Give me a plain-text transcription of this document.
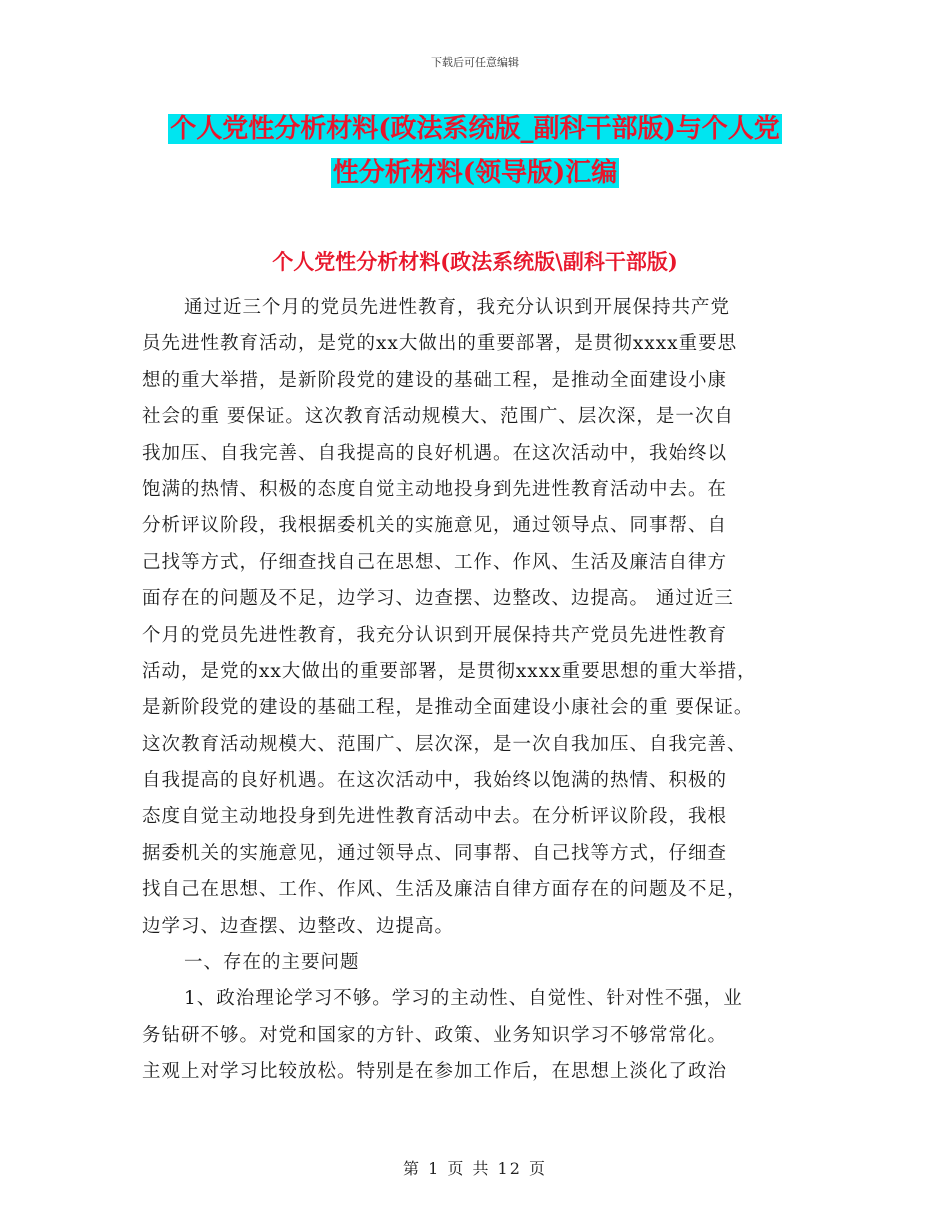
下载后可任意编辑
个人党性分析材料(政法系统版_副科干部版)与个人党
性分析材料(领导版)汇编
个人党性分析材料(政法系统版\副科干部版)
通过近三个月的党员先进性教育，我充分认识到开展保持共产党
员先进性教育活动，是党的xx大做出的重要部署，是贯彻xxxx重要思
想的重大举措，是新阶段党的建设的基础工程，是推动全面建设小康
社会的重 要保证。这次教育活动规模大、范围广、层次深，是一次自
我加压、自我完善、自我提高的良好机遇。在这次活动中，我始终以
饱满的热情、积极的态度自觉主动地投身到先进性教育活动中去。在
分析评议阶段，我根据委机关的实施意见，通过领导点、同事帮、自
己找等方式，仔细查找自己在思想、工作、作风、生活及廉洁自律方
面存在的问题及不足，边学习、边查摆、边整改、边提高。 通过近三
个月的党员先进性教育，我充分认识到开展保持共产党员先进性教育
活动，是党的xx大做出的重要部署，是贯彻xxxx重要思想的重大举措，
是新阶段党的建设的基础工程，是推动全面建设小康社会的重 要保证。
这次教育活动规模大、范围广、层次深，是一次自我加压、自我完善、
自我提高的良好机遇。在这次活动中，我始终以饱满的热情、积极的
态度自觉主动地投身到先进性教育活动中去。在分析评议阶段，我根
据委机关的实施意见，通过领导点、同事帮、自己找等方式，仔细查
找自己在思想、工作、作风、生活及廉洁自律方面存在的问题及不足，
边学习、边查摆、边整改、边提高。
一、存在的主要问题
1、政治理论学习不够。学习的主动性、自觉性、针对性不强，业
务钻研不够。对党和国家的方针、政策、业务知识学习不够常常化。
主观上对学习比较放松。特别是在参加工作后，在思想上淡化了政治
第 1 页 共 12 页
